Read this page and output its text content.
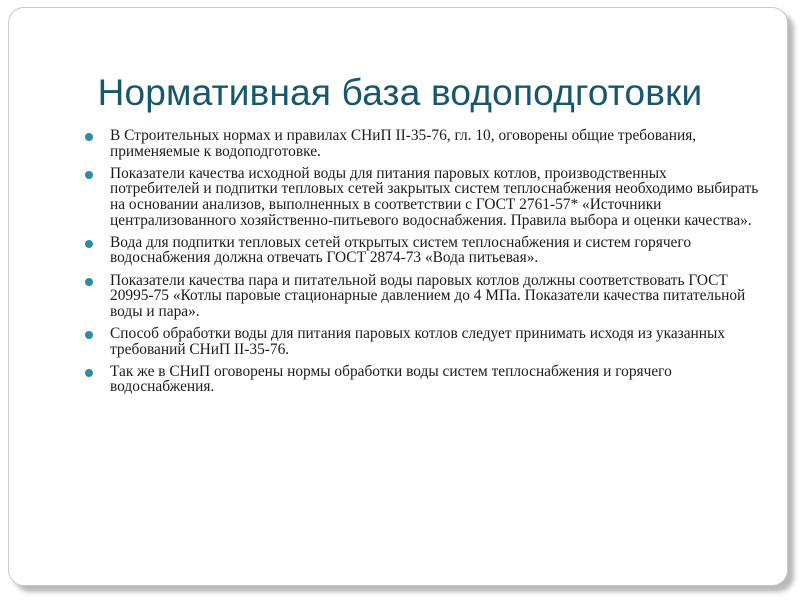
Нормативная база водоподготовки
В Строительных нормах и правилах СНиП II-35-76, гл. 10, оговорены общие требования, применяемые к водоподготовке.
Показатели качества исходной воды для питания паровых котлов, производственных потребителей и подпитки тепловых сетей закрытых систем теплоснабжения необходимо выбирать на основании анализов, выполненных в соответствии с ГОСТ 2761-57* «Источники централизованного хозяйственно-питьевого водоснабжения. Правила выбора и оценки качества».
Вода для подпитки тепловых сетей открытых систем теплоснабжения и систем горячего водоснабжения должна отвечать ГОСТ 2874-73 «Вода питьевая».
Показатели качества пара и питательной воды паровых котлов должны соответствовать ГОСТ 20995-75 «Котлы паровые стационарные давлением до 4 МПа. Показатели качества питательной воды и пара».
Способ обработки воды для питания паровых котлов следует принимать исходя из указанных требований СНиП II-35-76.
Так же в СНиП оговорены нормы обработки воды систем теплоснабжения и горячего водоснабжения.
